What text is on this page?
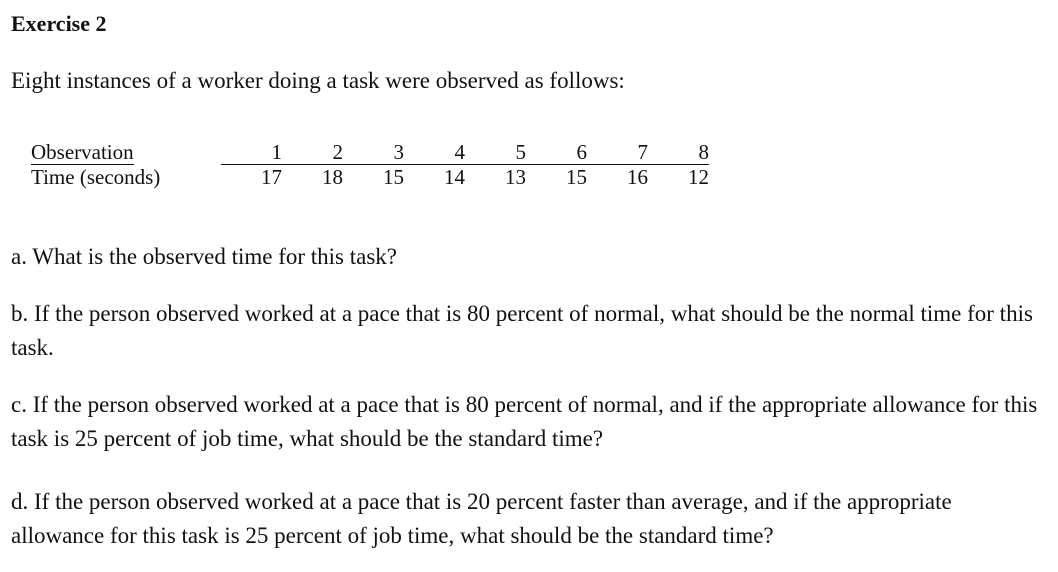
Exercise 2
Eight instances of a worker doing a task were observed as follows:
Observation	1	2	3	4	5	6	7	8
Time (seconds)	17	18	15	14	13	15	16	12
a. What is the observed time for this task?
b. If the person observed worked at a pace that is 80 percent of normal, what should be the normal time for this task.
c. If the person observed worked at a pace that is 80 percent of normal, and if the appropriate allowance for this task is 25 percent of job time, what should be the standard time?
d. If the person observed worked at a pace that is 20 percent faster than average, and if the appropriate allowance for this task is 25 percent of job time, what should be the standard time?
